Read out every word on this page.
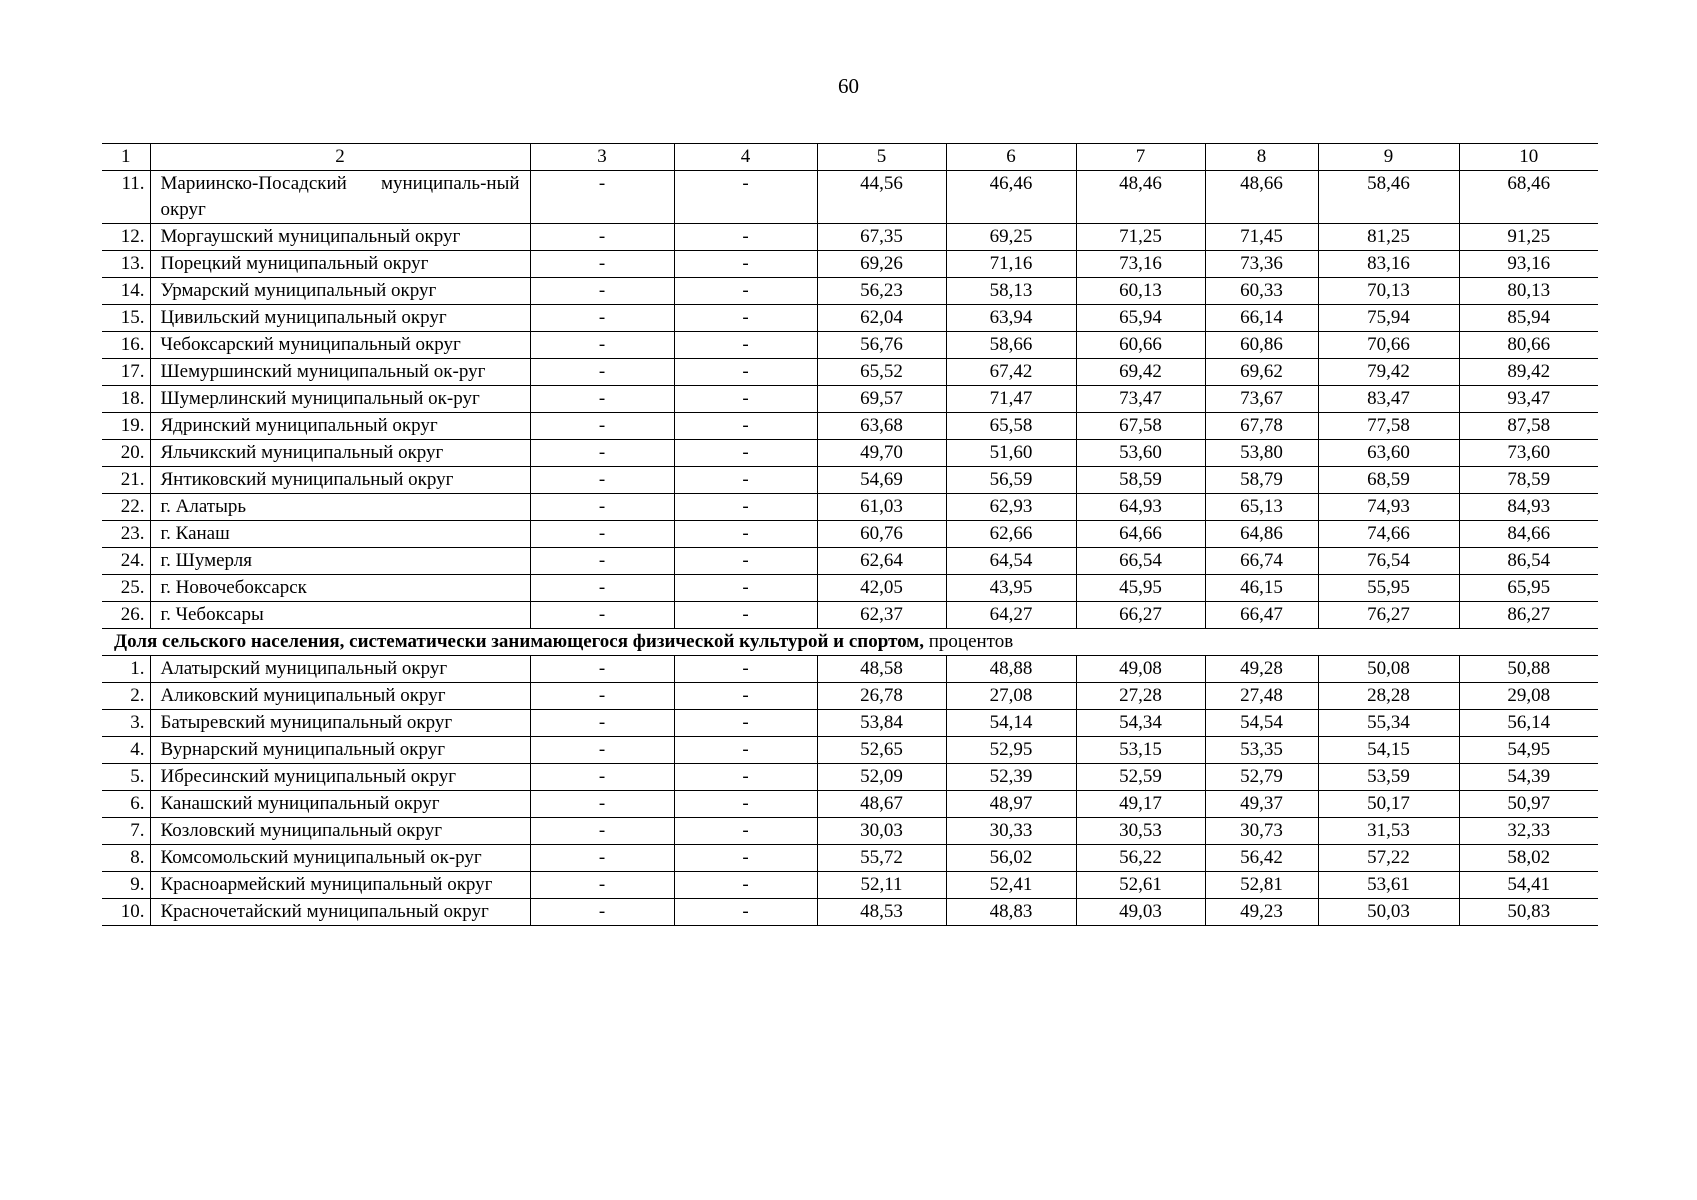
60
1	2	3	4	5	6	7	8	9	10
11.	Мариинско-Посадский муниципаль-ный округ	-	-	44,56	46,46	48,46	48,66	58,46	68,46
12.	Моргаушский муниципальный округ	-	-	67,35	69,25	71,25	71,45	81,25	91,25
13.	Порецкий муниципальный округ	-	-	69,26	71,16	73,16	73,36	83,16	93,16
14.	Урмарский муниципальный округ	-	-	56,23	58,13	60,13	60,33	70,13	80,13
15.	Цивильский муниципальный округ	-	-	62,04	63,94	65,94	66,14	75,94	85,94
16.	Чебоксарский муниципальный округ	-	-	56,76	58,66	60,66	60,86	70,66	80,66
17.	Шемуршинский муниципальный ок-руг	-	-	65,52	67,42	69,42	69,62	79,42	89,42
18.	Шумерлинский муниципальный ок-руг	-	-	69,57	71,47	73,47	73,67	83,47	93,47
19.	Ядринский муниципальный округ	-	-	63,68	65,58	67,58	67,78	77,58	87,58
20.	Яльчикский муниципальный округ	-	-	49,70	51,60	53,60	53,80	63,60	73,60
21.	Янтиковский муниципальный округ	-	-	54,69	56,59	58,59	58,79	68,59	78,59
22.	г. Алатырь	-	-	61,03	62,93	64,93	65,13	74,93	84,93
23.	г. Канаш	-	-	60,76	62,66	64,66	64,86	74,66	84,66
24.	г. Шумерля	-	-	62,64	64,54	66,54	66,74	76,54	86,54
25.	г. Новочебоксарск	-	-	42,05	43,95	45,95	46,15	55,95	65,95
26.	г. Чебоксары	-	-	62,37	64,27	66,27	66,47	76,27	86,27
Доля сельского населения, систематически занимающегося физической культурой и спортом, процентов									
1.	Алатырский муниципальный округ	-	-	48,58	48,88	49,08	49,28	50,08	50,88
2.	Аликовский муниципальный округ	-	-	26,78	27,08	27,28	27,48	28,28	29,08
3.	Батыревский муниципальный округ	-	-	53,84	54,14	54,34	54,54	55,34	56,14
4.	Вурнарский муниципальный округ	-	-	52,65	52,95	53,15	53,35	54,15	54,95
5.	Ибресинский муниципальный округ	-	-	52,09	52,39	52,59	52,79	53,59	54,39
6.	Канашский муниципальный округ	-	-	48,67	48,97	49,17	49,37	50,17	50,97
7.	Козловский муниципальный округ	-	-	30,03	30,33	30,53	30,73	31,53	32,33
8.	Комсомольский муниципальный ок-руг	-	-	55,72	56,02	56,22	56,42	57,22	58,02
9.	Красноармейский муниципальный округ	-	-	52,11	52,41	52,61	52,81	53,61	54,41
10.	Красночетайский муниципальный округ	-	-	48,53	48,83	49,03	49,23	50,03	50,83
